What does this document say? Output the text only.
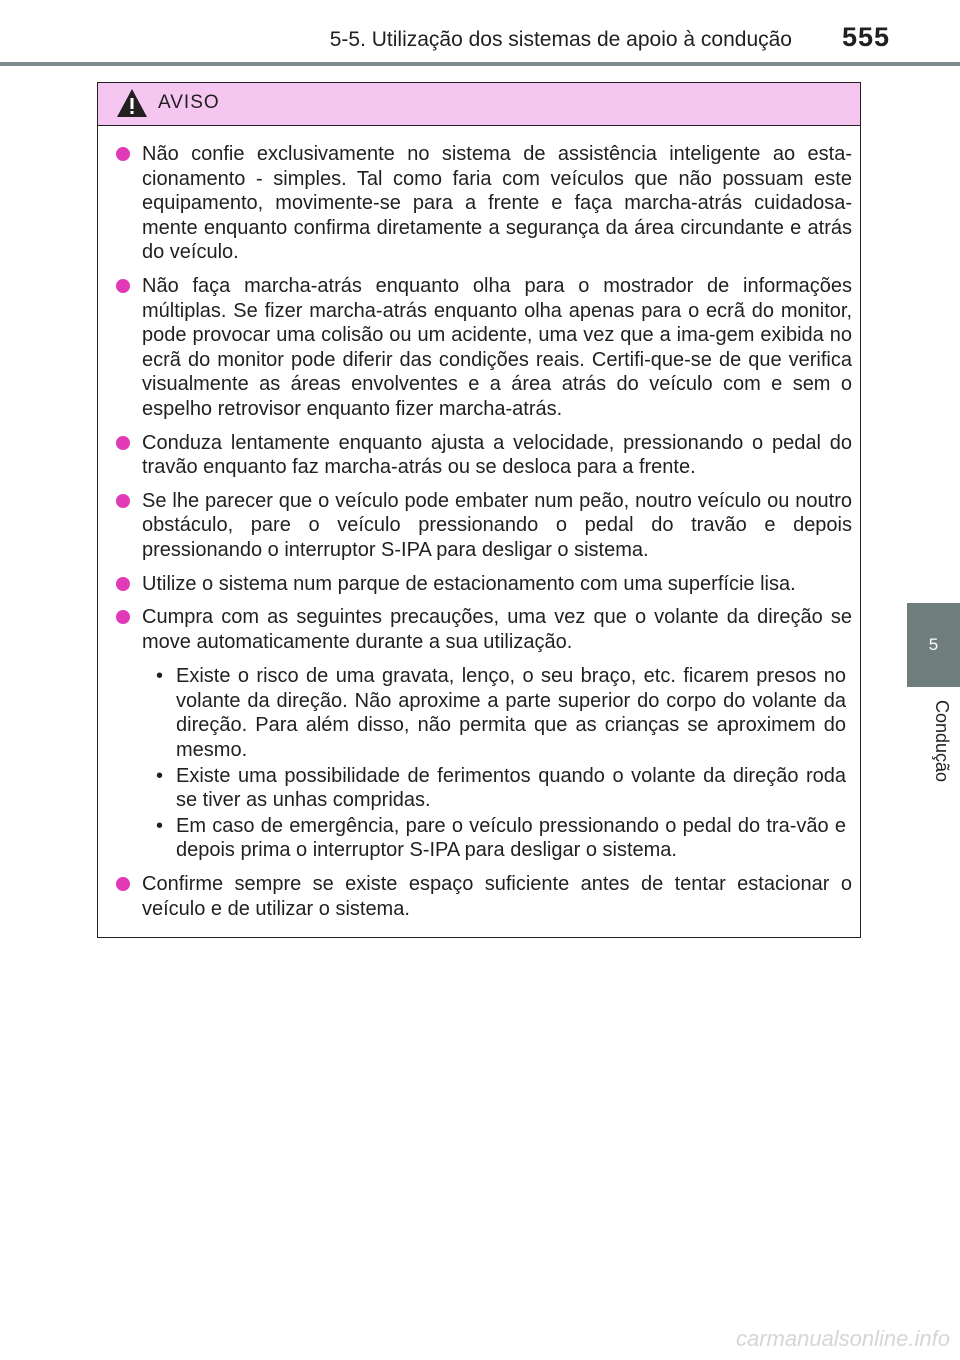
5-5. Utilização dos sistemas de apoio à condução 555
5
Condução
AVISO
Não confie exclusivamente no sistema de assistência inteligente ao esta-cionamento - simples. Tal como faria com veículos que não possuam este equipamento, movimente-se para a frente e faça marcha-atrás cuidadosa-mente enquanto confirma diretamente a segurança da área circundante e atrás do veículo.
Não faça marcha-atrás enquanto olha para o mostrador de informações múltiplas. Se fizer marcha-atrás enquanto olha apenas para o ecrã do monitor, pode provocar uma colisão ou um acidente, uma vez que a ima-gem exibida no ecrã do monitor pode diferir das condições reais. Certifi-que-se de que verifica visualmente as áreas envolventes e a área atrás do veículo com e sem o espelho retrovisor enquanto fizer marcha-atrás.
Conduza lentamente enquanto ajusta a velocidade, pressionando o pedal do travão enquanto faz marcha-atrás ou se desloca para a frente.
Se lhe parecer que o veículo pode embater num peão, noutro veículo ou noutro obstáculo, pare o veículo pressionando o pedal do travão e depois pressionando o interruptor S-IPA para desligar o sistema.
Utilize o sistema num parque de estacionamento com uma superfície lisa.
Cumpra com as seguintes precauções, uma vez que o volante da direção se move automaticamente durante a sua utilização.
• Existe o risco de uma gravata, lenço, o seu braço, etc. ficarem presos no volante da direção. Não aproxime a parte superior do corpo do volante da direção. Para além disso, não permita que as crianças se aproximem do mesmo.
• Existe uma possibilidade de ferimentos quando o volante da direção roda se tiver as unhas compridas.
• Em caso de emergência, pare o veículo pressionando o pedal do tra-vão e depois prima o interruptor S-IPA para desligar o sistema.
Confirme sempre se existe espaço suficiente antes de tentar estacionar o veículo e de utilizar o sistema.
carmanualsonline.info
